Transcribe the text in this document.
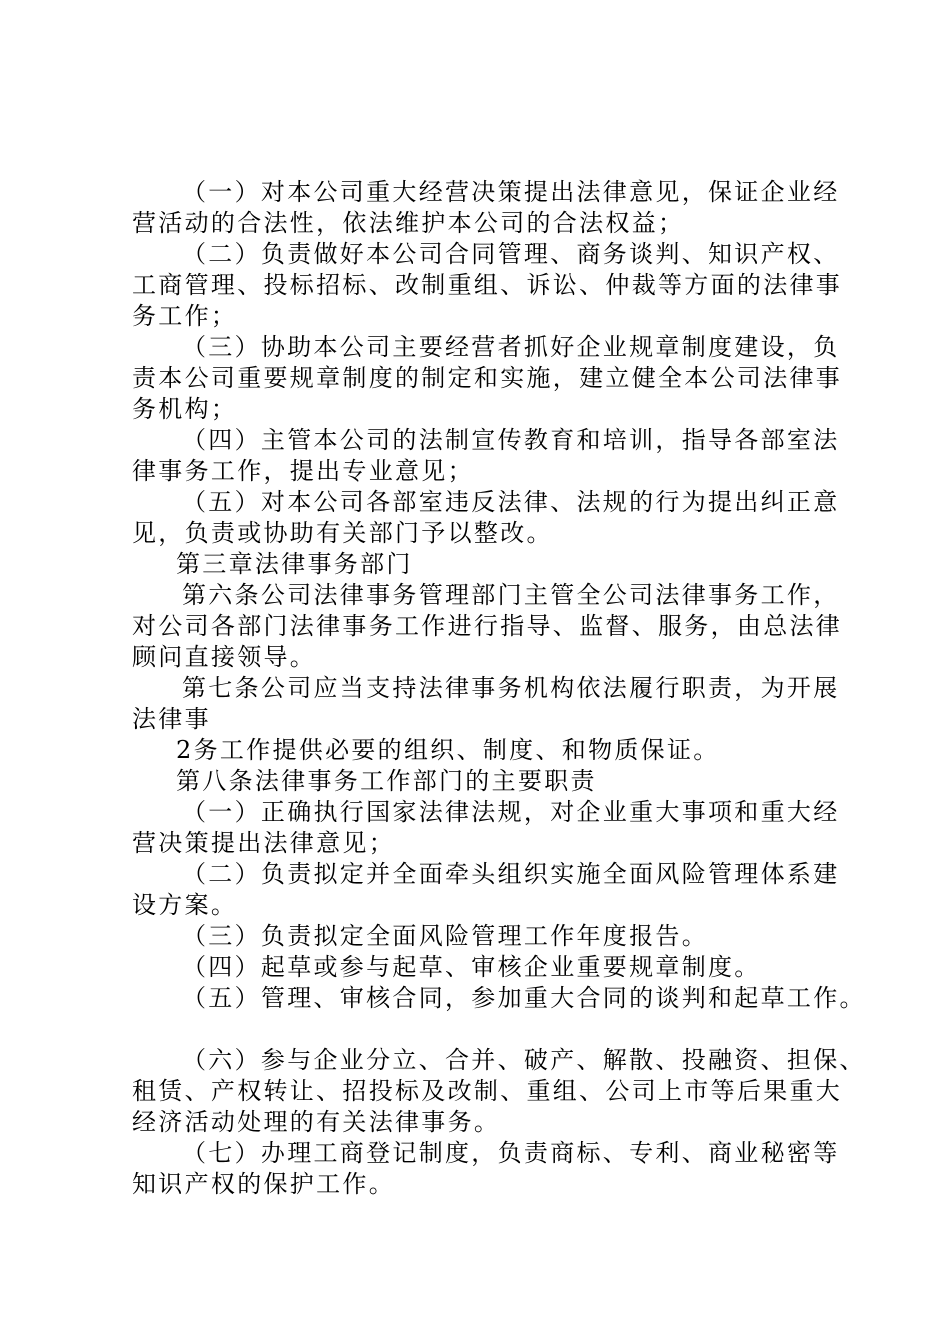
（一）对本公司重大经营决策提出法律意见，保证企业经
营活动的合法性，依法维护本公司的合法权益；
（二）负责做好本公司合同管理、商务谈判、知识产权、
工商管理、投标招标、改制重组、诉讼、仲裁等方面的法律事
务工作；
（三）协助本公司主要经营者抓好企业规章制度建设，负
责本公司重要规章制度的制定和实施，建立健全本公司法律事
务机构；
（四）主管本公司的法制宣传教育和培训，指导各部室法
律事务工作，提出专业意见；
（五）对本公司各部室违反法律、法规的行为提出纠正意
见，负责或协助有关部门予以整改。
第三章法律事务部门
第六条公司法律事务管理部门主管全公司法律事务工作，
对公司各部门法律事务工作进行指导、监督、服务，由总法律
顾问直接领导。
第七条公司应当支持法律事务机构依法履行职责，为开展
法律事
2务工作提供必要的组织、制度、和物质保证。
第八条法律事务工作部门的主要职责
（一）正确执行国家法律法规，对企业重大事项和重大经
营决策提出法律意见；
（二）负责拟定并全面牵头组织实施全面风险管理体系建
设方案。
（三）负责拟定全面风险管理工作年度报告。
（四）起草或参与起草、审核企业重要规章制度。
（五）管理、审核合同，参加重大合同的谈判和起草工作。
（六）参与企业分立、合并、破产、解散、投融资、担保、
租赁、产权转让、招投标及改制、重组、公司上市等后果重大
经济活动处理的有关法律事务。
（七）办理工商登记制度，负责商标、专利、商业秘密等
知识产权的保护工作。
